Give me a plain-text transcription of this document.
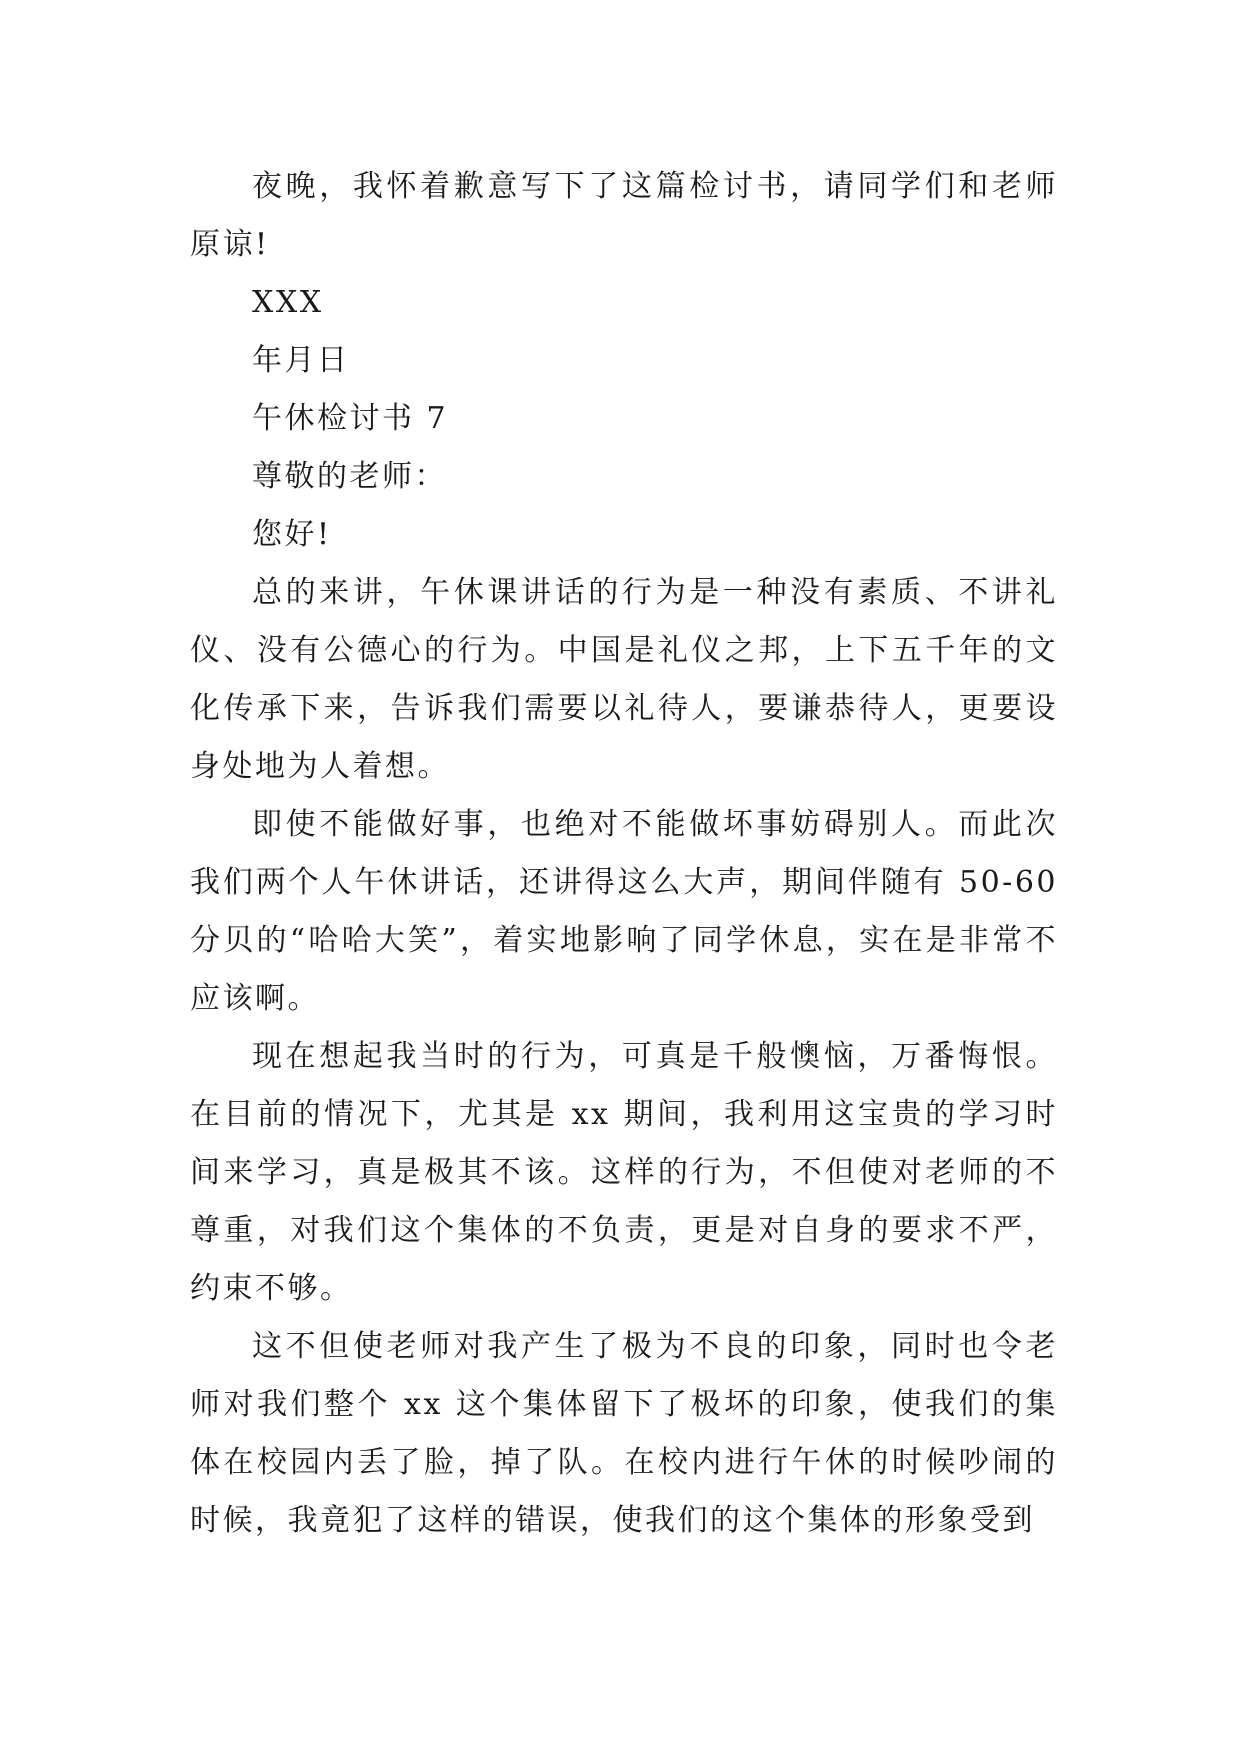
夜晚，我怀着歉意写下了这篇检讨书，请同学们和老师原谅!

XXX

年月日

午休检讨书 7

尊敬的老师：

您好!

总的来讲，午休课讲话的行为是一种没有素质、不讲礼仪、没有公德心的行为。中国是礼仪之邦，上下五千年的文化传承下来，告诉我们需要以礼待人，要谦恭待人，更要设身处地为人着想。

即使不能做好事，也绝对不能做坏事妨碍别人。而此次我们两个人午休讲话，还讲得这么大声，期间伴随有 50-60分贝的“哈哈大笑”，着实地影响了同学休息，实在是非常不应该啊。

现在想起我当时的行为，可真是千般懊恼，万番悔恨。在目前的情况下，尤其是 xx 期间，我利用这宝贵的学习时间来学习，真是极其不该。这样的行为，不但使对老师的不尊重，对我们这个集体的不负责，更是对自身的要求不严，约束不够。

这不但使老师对我产生了极为不良的印象，同时也令老师对我们整个 xx 这个集体留下了极坏的印象，使我们的集体在校园内丢了脸，掉了队。在校内进行午休的时候吵闹的时候，我竟犯了这样的错误，使我们的这个集体的形象受到
